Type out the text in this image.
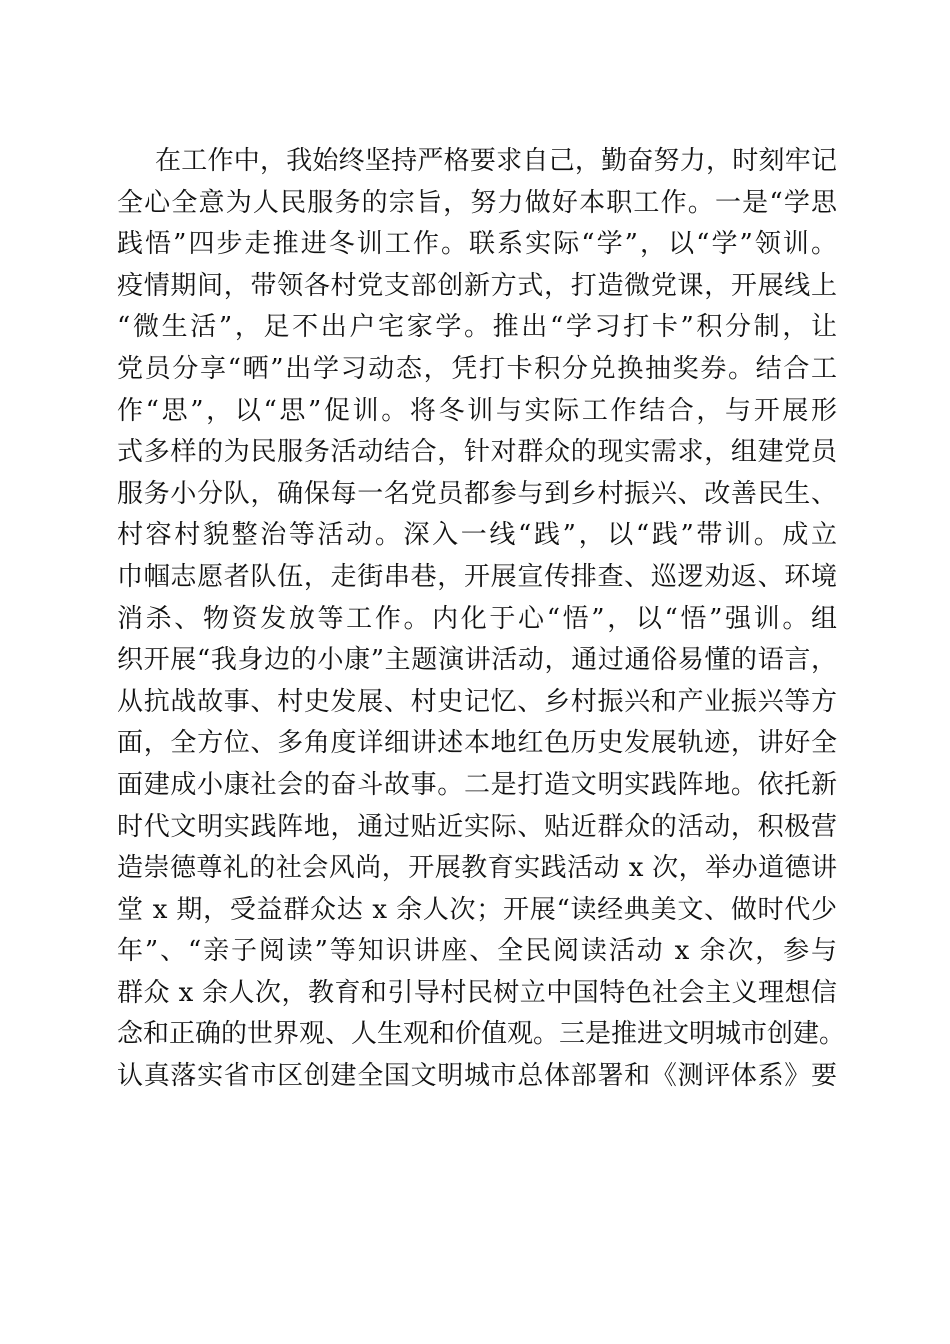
在工作中，我始终坚持严格要求自己，勤奋努力，时刻牢记
全心全意为人民服务的宗旨，努力做好本职工作。一是“学思
践悟”四步走推进冬训工作。联系实际“学”，以“学”领训。
疫情期间，带领各村党支部创新方式，打造微党课，开展线上
“微生活”，足不出户宅家学。推出“学习打卡”积分制，让
党员分享“晒”出学习动态，凭打卡积分兑换抽奖券。结合工
作“思”，以“思”促训。将冬训与实际工作结合，与开展形
式多样的为民服务活动结合，针对群众的现实需求，组建党员
服务小分队，确保每一名党员都参与到乡村振兴、改善民生、
村容村貌整治等活动。深入一线“践”，以“践”带训。成立
巾帼志愿者队伍，走街串巷，开展宣传排查、巡逻劝返、环境
消杀、物资发放等工作。内化于心“悟”，以“悟”强训。组
织开展“我身边的小康”主题演讲活动，通过通俗易懂的语言，
从抗战故事、村史发展、村史记忆、乡村振兴和产业振兴等方
面，全方位、多角度详细讲述本地红色历史发展轨迹，讲好全
面建成小康社会的奋斗故事。二是打造文明实践阵地。依托新
时代文明实践阵地，通过贴近实际、贴近群众的活动，积极营
造崇德尊礼的社会风尚，开展教育实践活动 x 次，举办道德讲
堂 x 期，受益群众达 x 余人次；开展“读经典美文、做时代少
年”、“亲子阅读”等知识讲座、全民阅读活动 x 余次，参与
群众 x 余人次，教育和引导村民树立中国特色社会主义理想信
念和正确的世界观、人生观和价值观。三是推进文明城市创建。
认真落实省市区创建全国文明城市总体部署和《测评体系》要
